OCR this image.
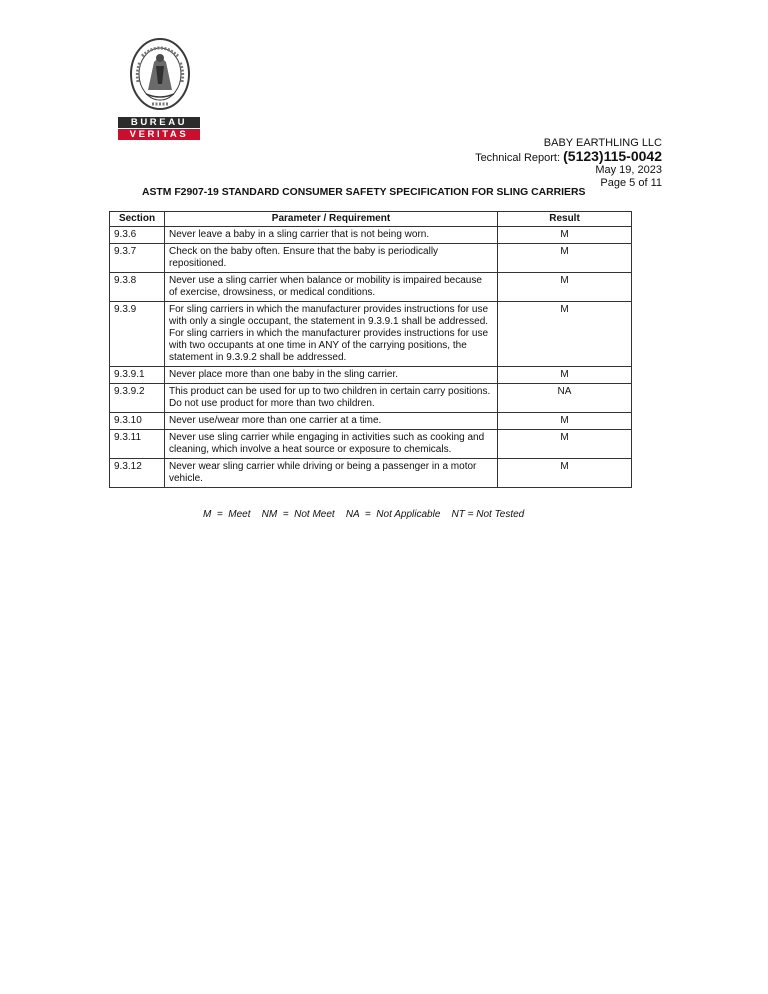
BUREAU
VERITAS
BABY EARTHLING LLC
Technical Report: (5123)115-0042
May 19, 2023
Page 5 of 11
ASTM F2907-19 STANDARD CONSUMER SAFETY SPECIFICATION FOR SLING CARRIERS
Section	Parameter / Requirement	Result
9.3.6	Never leave a baby in a sling carrier that is not being worn.	M
9.3.7	Check on the baby often. Ensure that the baby is periodically repositioned.	M
9.3.8	Never use a sling carrier when balance or mobility is impaired because of exercise, drowsiness, or medical conditions.	M
9.3.9	For sling carriers in which the manufacturer provides instructions for use with only a single occupant, the statement in 9.3.9.1 shall be addressed. For sling carriers in which the manufacturer provides instructions for use with two occupants at one time in ANY of the carrying positions, the statement in 9.3.9.2 shall be addressed.	M
9.3.9.1	Never place more than one baby in the sling carrier.	M
9.3.9.2	This product can be used for up to two children in certain carry positions. Do not use product for more than two children.	NA
9.3.10	Never use/wear more than one carrier at a time.	M
9.3.11	Never use sling carrier while engaging in activities such as cooking and cleaning, which involve a heat source or exposure to chemicals.	M
9.3.12	Never wear sling carrier while driving or being a passenger in a motor vehicle.	M
M  =  Meet    NM  =  Not Meet    NA  =  Not Applicable    NT = Not Tested
